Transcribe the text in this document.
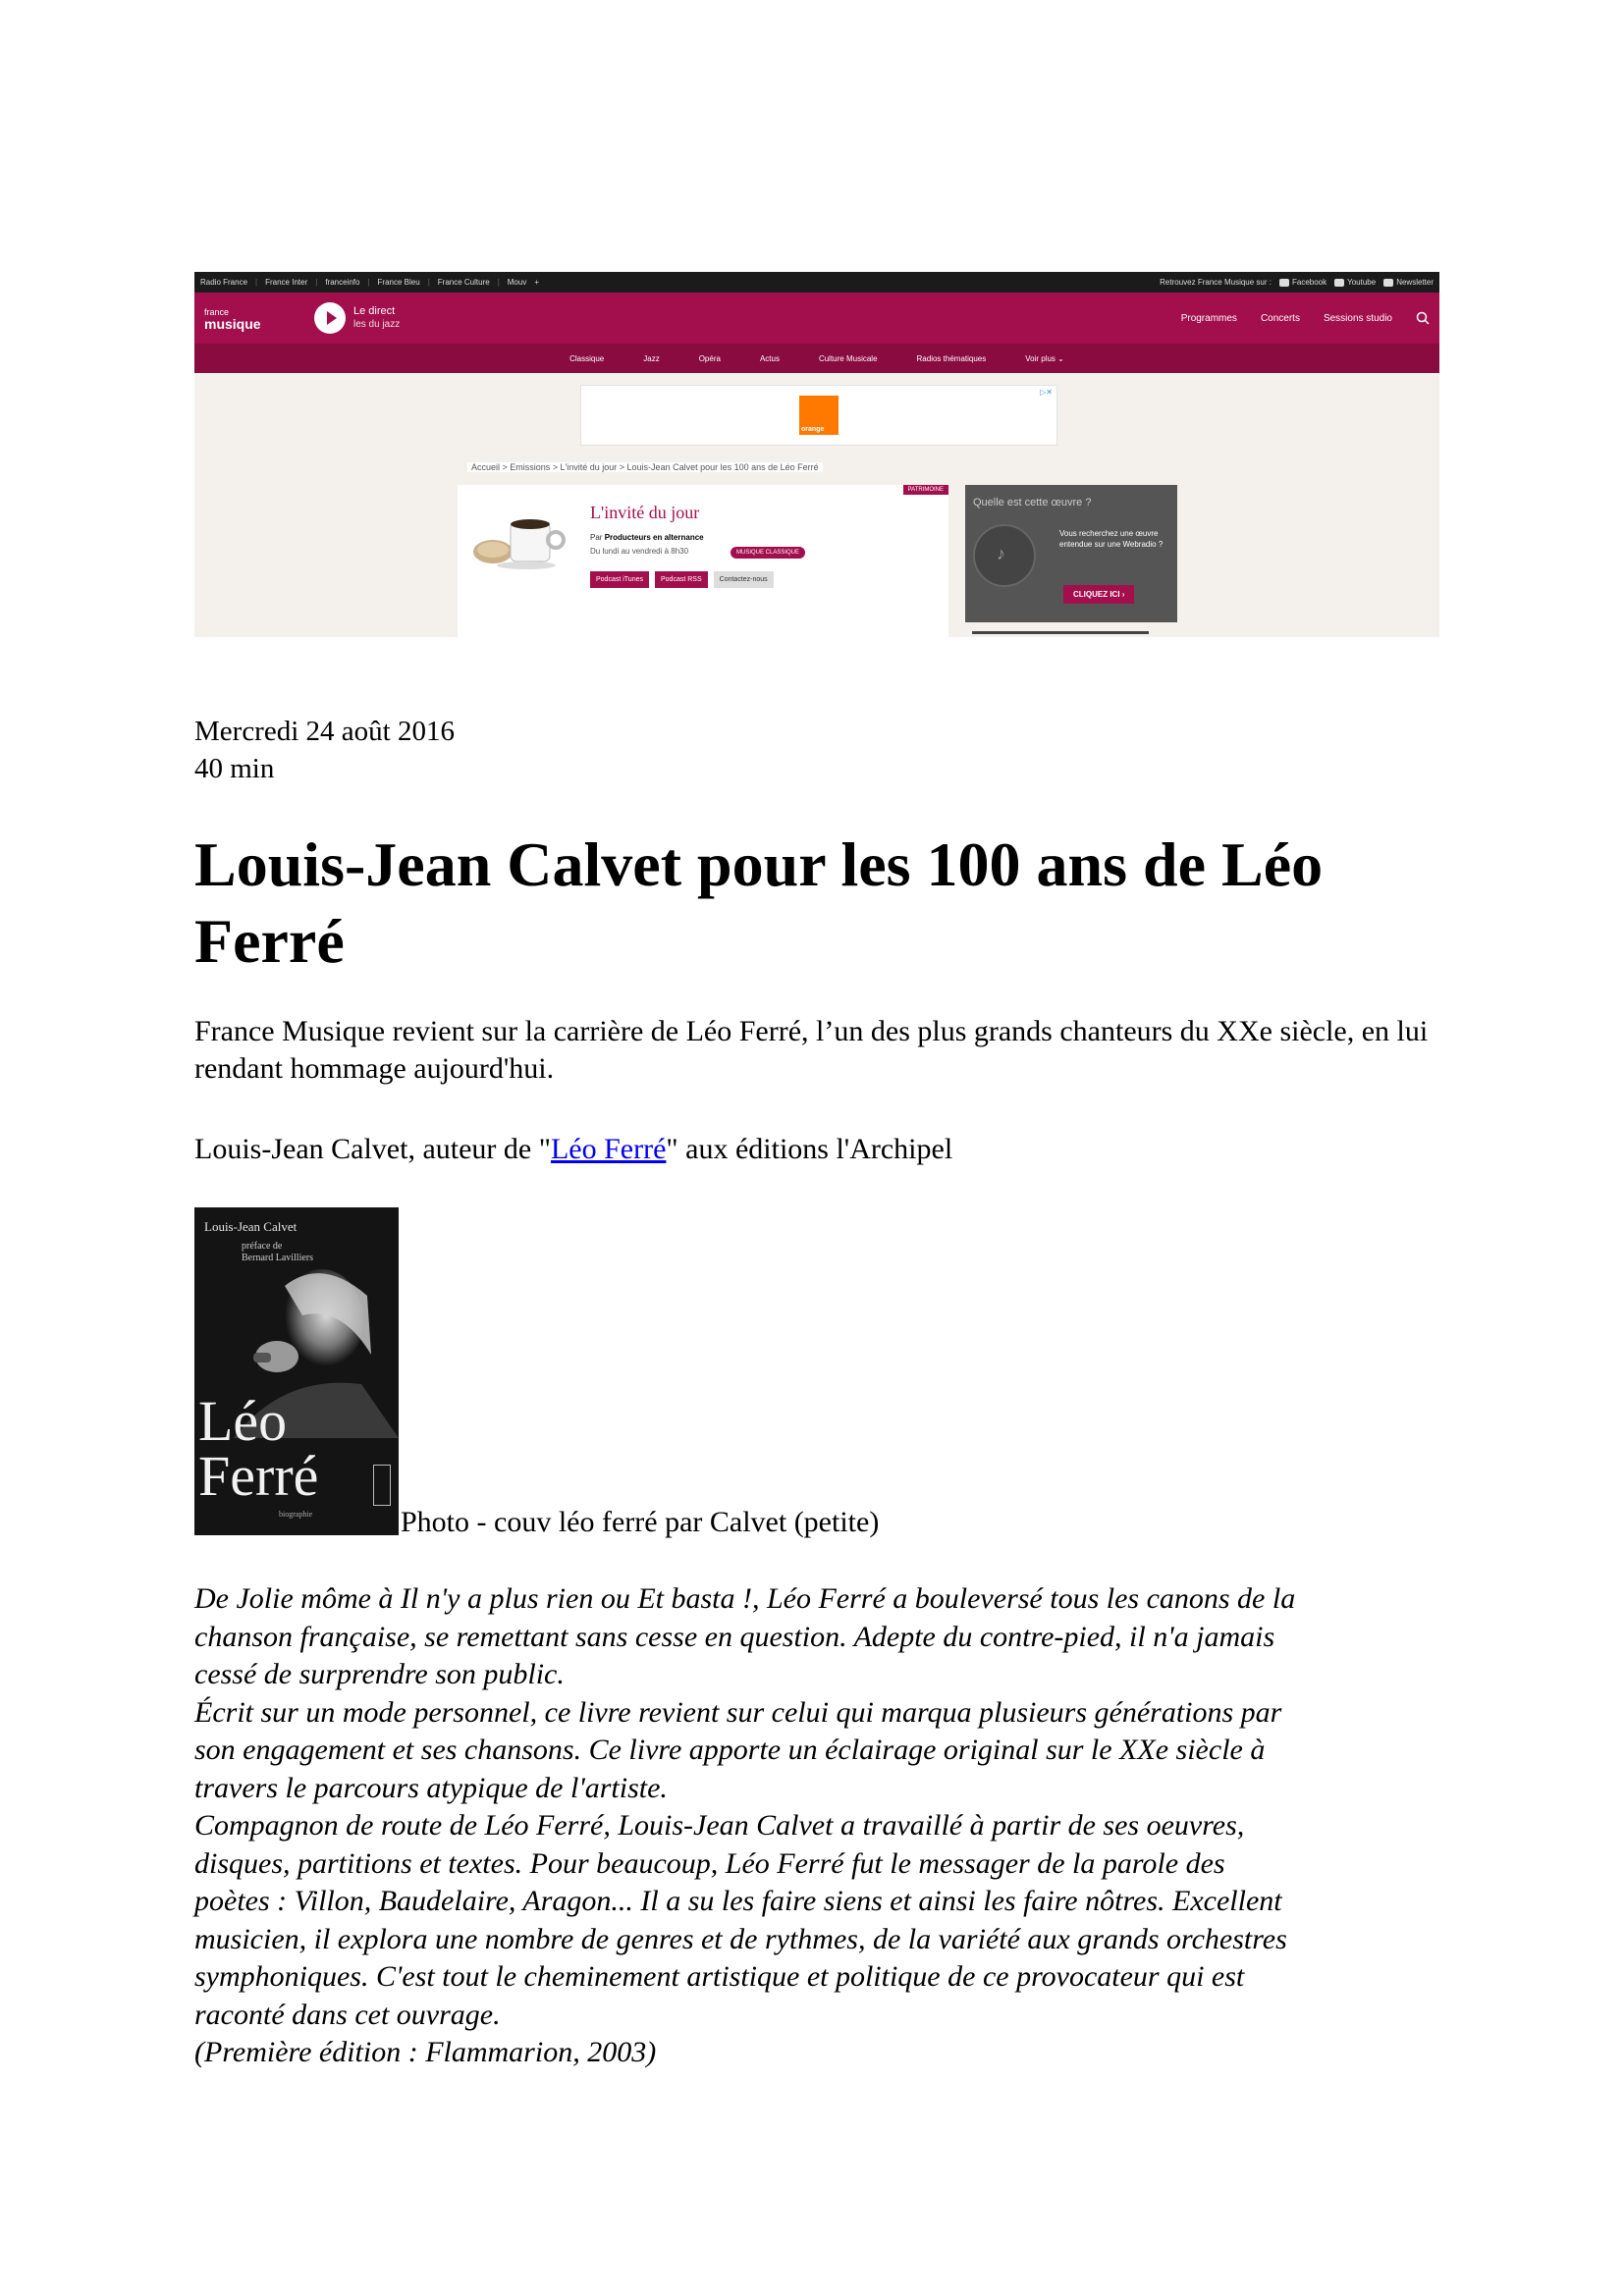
Radio France | France Inter | franceinfo | France Bleu | France Culture | Mouv +	Retrouvez France Musique sur :	Facebook	Youtube	Newsletter
france
musique
Le direct
les du jazz
Programmes Concerts Sessions studio
Classique	Jazz	Opéra	Actus	Culture Musicale	Radios thématiques	Voir plus ⌄
orange
▷✕
Accueil > Emissions > L'invité du jour > Louis-Jean Calvet pour les 100 ans de Léo Ferré
PATRIMOINE
L'invité du jour
Par Producteurs en alternance
Du lundi au vendredi à 8h30	MUSIQUE CLASSIQUE
Podcast iTunes	Podcast RSS	Contactez-nous
Quelle est cette œuvre ?
♪
Vous recherchez une œuvre entendue sur une Webradio ?
CLIQUEZ ICI ›
Mercredi 24 août 2016
40 min
Louis-Jean Calvet pour les 100 ans de Léo Ferré

France Musique revient sur la carrière de Léo Ferré, l’un des plus grands chanteurs du XXe siècle, en lui rendant hommage aujourd'hui.

Louis-Jean Calvet, auteur de "Léo Ferré" aux éditions l'Archipel

Louis-Jean Calvet
préface de
Bernard Lavilliers
Léo
Ferré
biographie	Photo - couv léo ferré par Calvet (petite)
De Jolie môme à Il n'y a plus rien ou Et basta !, Léo Ferré a bouleversé tous les canons de la
chanson française, se remettant sans cesse en question. Adepte du contre-pied, il n'a jamais
cessé de surprendre son public.
Écrit sur un mode personnel, ce livre revient sur celui qui marqua plusieurs générations par
son engagement et ses chansons. Ce livre apporte un éclairage original sur le XXe siècle à
travers le parcours atypique de l'artiste.
Compagnon de route de Léo Ferré, Louis-Jean Calvet a travaillé à partir de ses oeuvres,
disques, partitions et textes. Pour beaucoup, Léo Ferré fut le messager de la parole des
poètes : Villon, Baudelaire, Aragon... Il a su les faire siens et ainsi les faire nôtres. Excellent
musicien, il explora une nombre de genres et de rythmes, de la variété aux grands orchestres
symphoniques. C'est tout le cheminement artistique et politique de ce provocateur qui est
raconté dans cet ouvrage.
(Première édition : Flammarion, 2003)
